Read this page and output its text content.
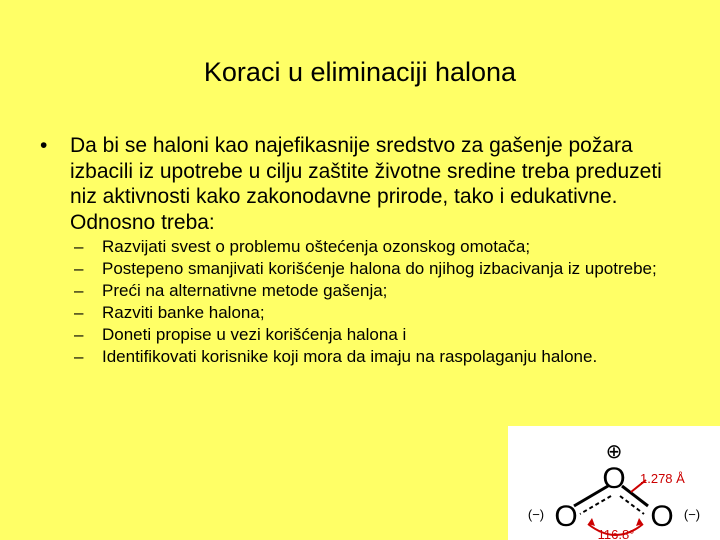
Koraci u eliminaciji halona
• Da bi se haloni kao najefikasnije sredstvo za gašenje požara izbacili iz upotrebe u cilju zaštite životne sredine treba preduzeti niz aktivnosti kako zakonodavne prirode, tako i edukativne. Odnosno treba:
– Razvijati svest o problemu oštećenja ozonskog omotača;
– Postepeno smanjivati korišćenje halona do njihog izbacivanja iz upotrebe;
– Preći na alternativne metode gašenja;
– Razviti banke halona;
– Doneti propise u vezi korišćenja halona i
– Identifikovati korisnike koji mora da imaju na raspolaganju halone.
O
O O
⊕
(−)	(−)
1.278 Å
116.8°
